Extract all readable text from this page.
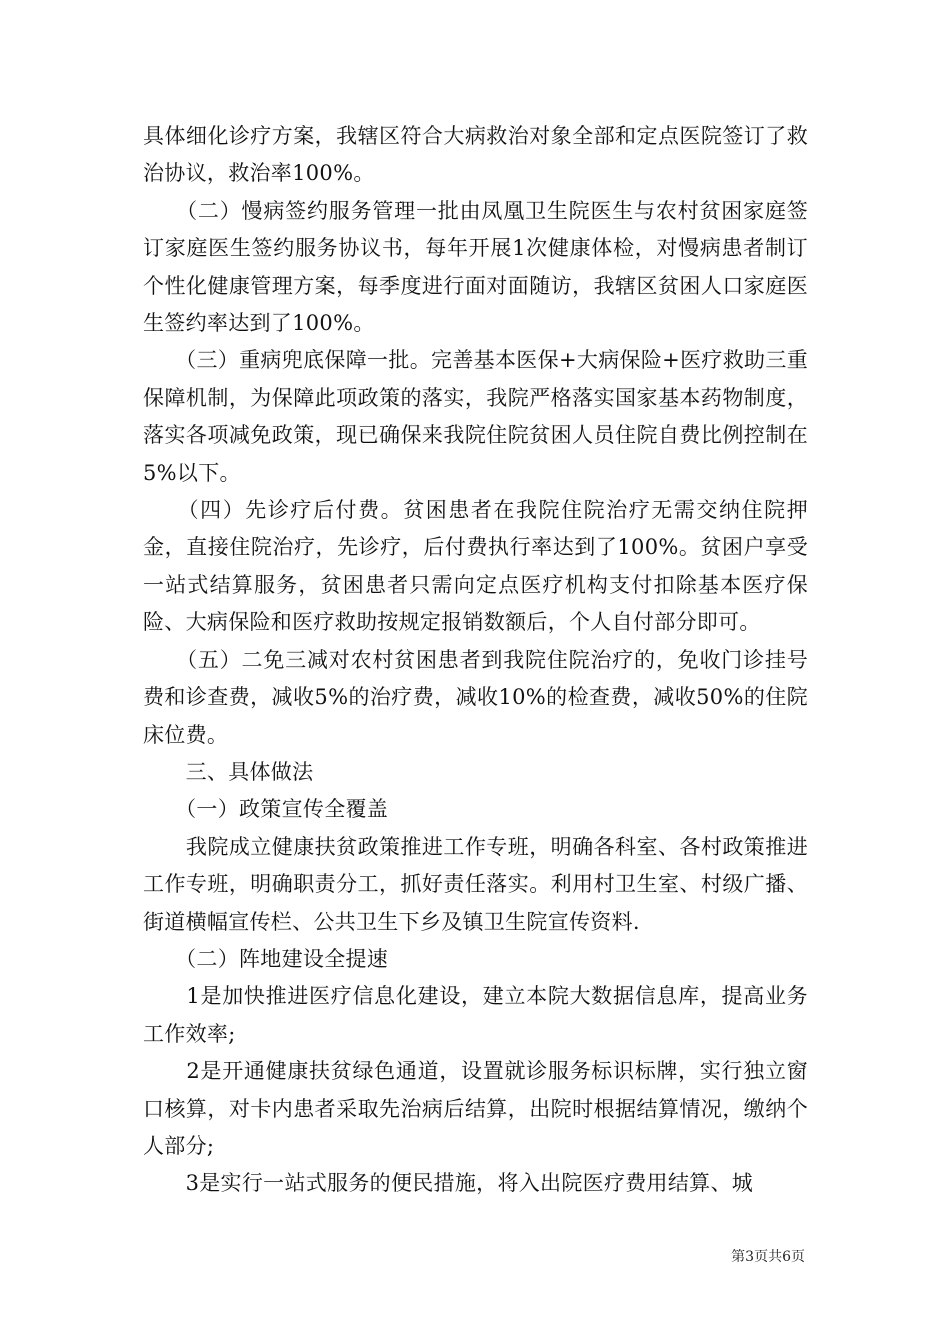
具体细化诊疗方案，我辖区符合大病救治对象全部和定点医院签订了救治协议，救治率100%。

　　（二）慢病签约服务管理一批由凤凰卫生院医生与农村贫困家庭签订家庭医生签约服务协议书，每年开展1次健康体检，对慢病患者制订个性化健康管理方案，每季度进行面对面随访，我辖区贫困人口家庭医生签约率达到了100%。

　　（三）重病兜底保障一批。完善基本医保+大病保险+医疗救助三重保障机制，为保障此项政策的落实，我院严格落实国家基本药物制度，落实各项减免政策，现已确保来我院住院贫困人员住院自费比例控制在5%以下。

　　（四）先诊疗后付费。贫困患者在我院住院治疗无需交纳住院押金，直接住院治疗，先诊疗，后付费执行率达到了100%。贫困户享受一站式结算服务，贫困患者只需向定点医疗机构支付扣除基本医疗保险、大病保险和医疗救助按规定报销数额后，个人自付部分即可。

　　（五）二免三减对农村贫困患者到我院住院治疗的，免收门诊挂号费和诊查费，减收5%的治疗费，减收10%的检查费，减收50%的住院床位费。

　　三、具体做法

　　（一）政策宣传全覆盖

　　我院成立健康扶贫政策推进工作专班，明确各科室、各村政策推进工作专班，明确职责分工，抓好责任落实。利用村卫生室、村级广播、街道横幅宣传栏、公共卫生下乡及镇卫生院宣传资料.

　　（二）阵地建设全提速

　　1是加快推进医疗信息化建设，建立本院大数据信息库，提高业务工作效率;

　　2是开通健康扶贫绿色通道，设置就诊服务标识标牌，实行独立窗口核算，对卡内患者采取先治病后结算，出院时根据结算情况，缴纳个人部分;

　　3是实行一站式服务的便民措施，将入出院医疗费用结算、城

第3页共6页
